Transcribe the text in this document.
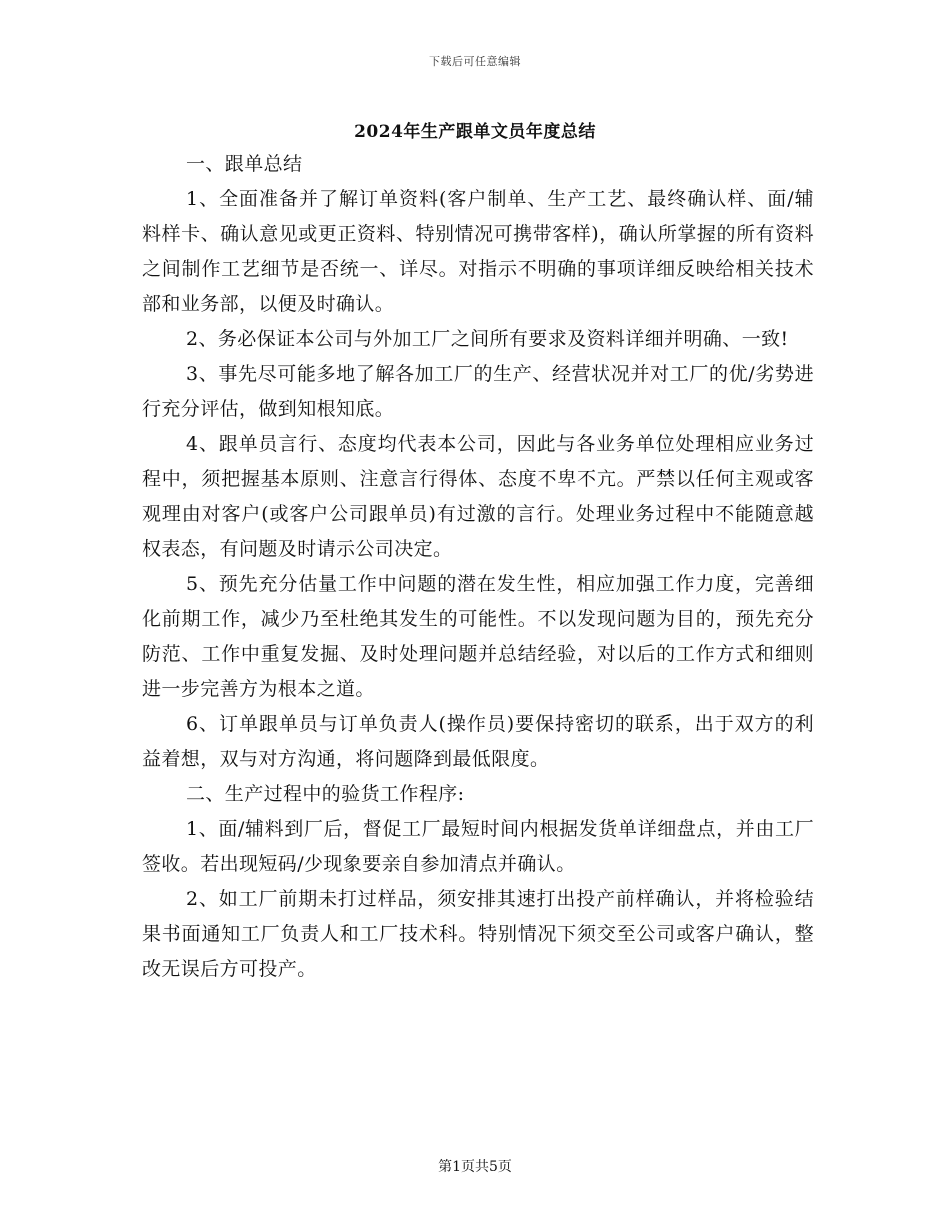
下载后可任意编辑
2024年生产跟单文员年度总结

一、跟单总结

1、全面准备并了解订单资料(客户制单、生产工艺、最终确认样、面/辅料样卡、确认意见或更正资料、特别情况可携带客样)，确认所掌握的所有资料之间制作工艺细节是否统一、详尽。对指示不明确的事项详细反映给相关技术部和业务部，以便及时确认。

2、务必保证本公司与外加工厂之间所有要求及资料详细并明确、一致!

3、事先尽可能多地了解各加工厂的生产、经营状况并对工厂的优/劣势进行充分评估，做到知根知底。

4、跟单员言行、态度均代表本公司，因此与各业务单位处理相应业务过程中，须把握基本原则、注意言行得体、态度不卑不亢。严禁以任何主观或客观理由对客户(或客户公司跟单员)有过激的言行。处理业务过程中不能随意越权表态，有问题及时请示公司决定。

5、预先充分估量工作中问题的潜在发生性，相应加强工作力度，完善细化前期工作，减少乃至杜绝其发生的可能性。不以发现问题为目的，预先充分防范、工作中重复发掘、及时处理问题并总结经验，对以后的工作方式和细则进一步完善方为根本之道。

6、订单跟单员与订单负责人(操作员)要保持密切的联系，出于双方的利益着想，双与对方沟通，将问题降到最低限度。

二、生产过程中的验货工作程序:

1、面/辅料到厂后，督促工厂最短时间内根据发货单详细盘点，并由工厂签收。若出现短码/少现象要亲自参加清点并确认。

2、如工厂前期未打过样品，须安排其速打出投产前样确认，并将检验结果书面通知工厂负责人和工厂技术科。特别情况下须交至公司或客户确认，整改无误后方可投产。

第1页共5页
